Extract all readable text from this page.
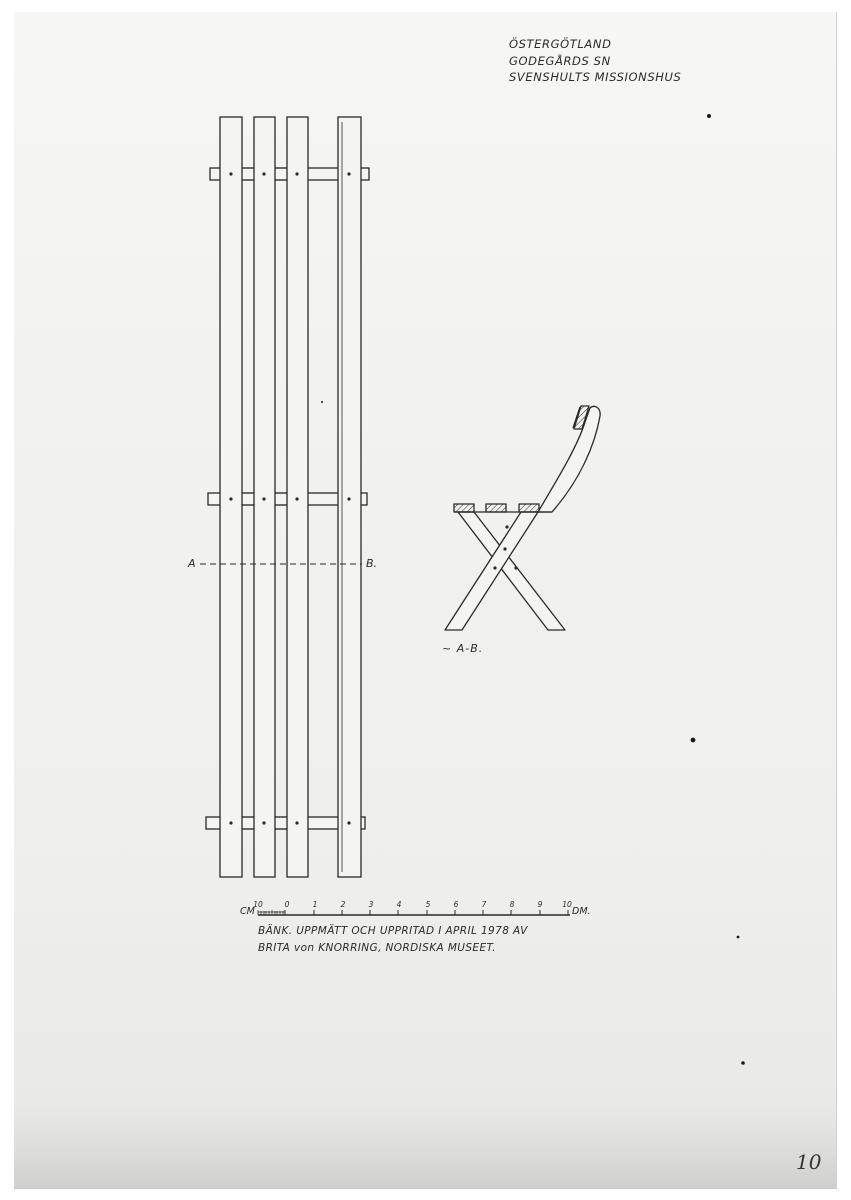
ÖSTERGÖTLAND
GODEGÅRDS SN
SVENSHULTS MISSIONSHUS
10	0	1	2	3	4	5	6	7	8	9	10
A	B.
~ A-B.
CM	DM.
BÄNK. UPPMÄTT OCH UPPRITAD I APRIL 1978 AV
BRITA von KNORRING, NORDISKA MUSEET.
10
